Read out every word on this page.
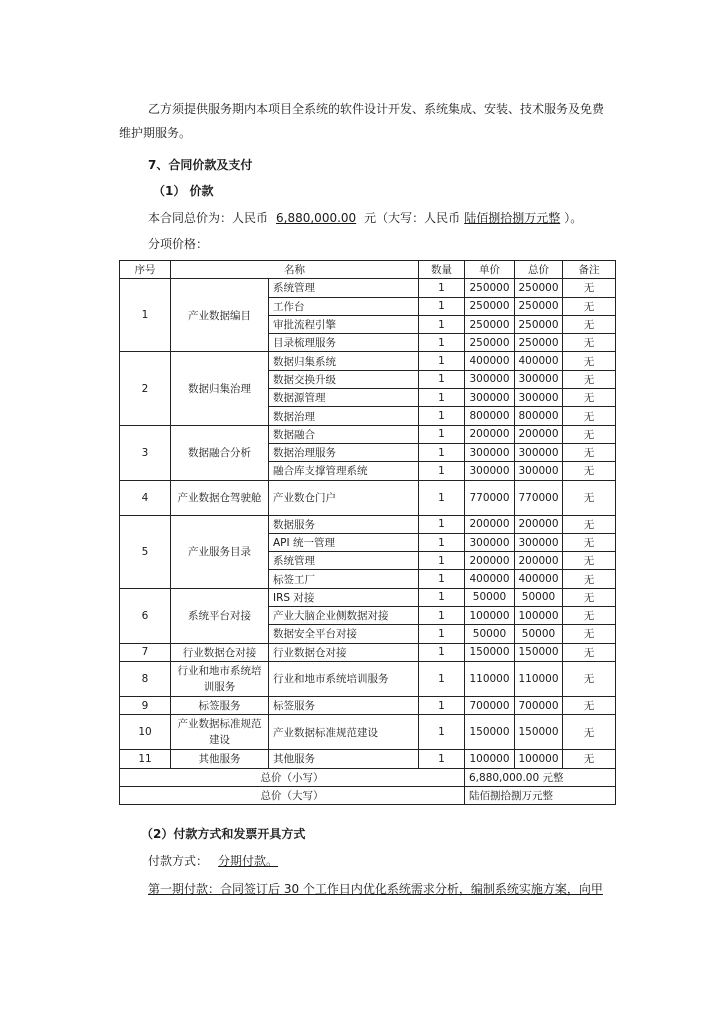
乙方须提供服务期内本项目全系统的软件设计开发、系统集成、安装、技术服务及免费
维护期服务。
7、合同价款及支付
（1） 价款
本合同总价为：人民币 6,880,000.00 元（大写：人民币 陆佰捌拾捌万元整 ）。
分项价格：
序号	名称		数量	单价	总价	备注
1	产业数据编目	系统管理	1	250000	250000	无
		工作台	1	250000	250000	无
		审批流程引擎	1	250000	250000	无
		目录梳理服务	1	250000	250000	无
2	数据归集治理	数据归集系统	1	400000	400000	无
		数据交换升级	1	300000	300000	无
		数据源管理	1	300000	300000	无
		数据治理	1	800000	800000	无
3	数据融合分析	数据融合	1	200000	200000	无
		数据治理服务	1	300000	300000	无
		融合库支撑管理系统	1	300000	300000	无
4	产业数据仓驾驶舱	产业数仓门户	1	770000	770000	无
5	产业服务目录	数据服务	1	200000	200000	无
		API 统一管理	1	300000	300000	无
		系统管理	1	200000	200000	无
		标签工厂	1	400000	400000	无
6	系统平台对接	IRS 对接	1	50000	50000	无
		产业大脑企业侧数据对接	1	100000	100000	无
		数据安全平台对接	1	50000	50000	无
7	行业数据仓对接	行业数据仓对接	1	150000	150000	无
8	行业和地市系统培训服务	行业和地市系统培训服务	1	110000	110000	无
9	标签服务	标签服务	1	700000	700000	无
10	产业数据标准规范建设	产业数据标准规范建设	1	150000	150000	无
11	其他服务	其他服务	1	100000	100000	无
总价（小写）				6,880,000.00 元整		
总价（大写）				陆佰捌拾捌万元整		
（2）付款方式和发票开具方式
付款方式： 分期付款。
第一期付款：合同签订后 30 个工作日内优化系统需求分析，编制系统实施方案，向甲
